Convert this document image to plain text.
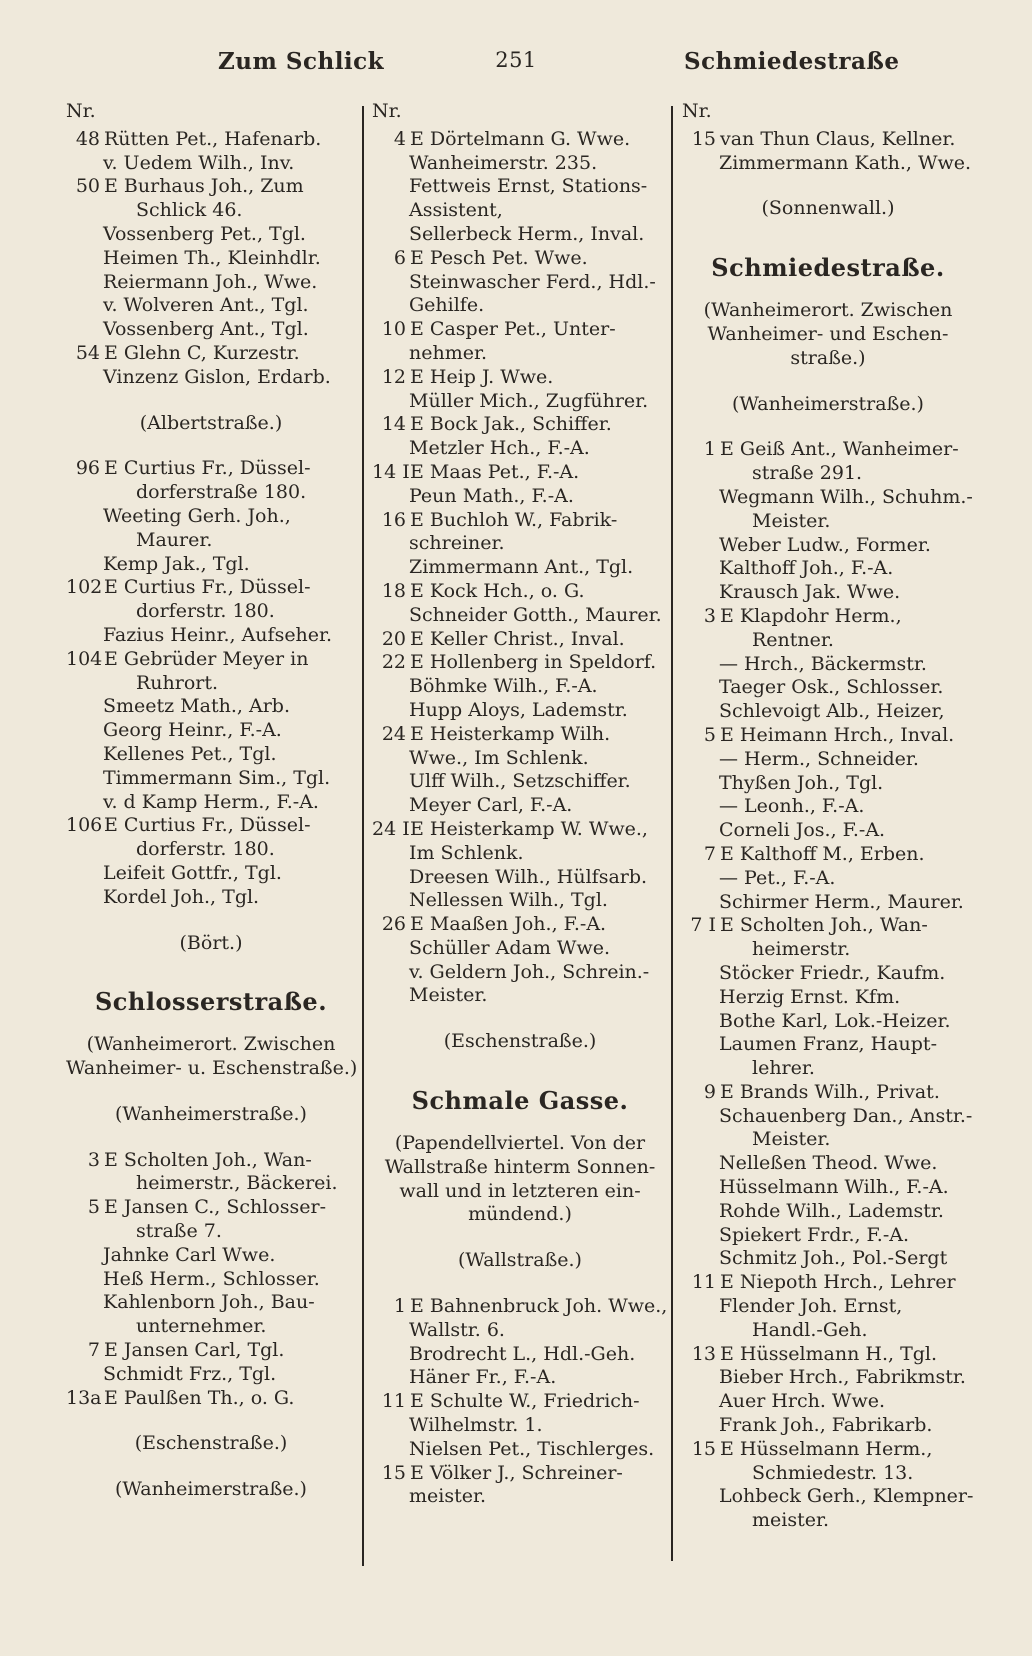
Zum Schlick	251	Schmiedestraße
Nr.
48 Rütten Pet., Hafenarb.
v. Uedem Wilh., Inv.
50 E Burhaus Joh., Zum
Schlick 46.
Vossenberg Pet., Tgl.
Heimen Th., Kleinhdlr.
Reiermann Joh., Wwe.
v. Wolveren Ant., Tgl.
Vossenberg Ant., Tgl.
54 E Glehn C, Kurzestr.
Vinzenz Gislon, Erdarb.
(Albertstraße.)
96 E Curtius Fr., Düssel-
dorferstraße 180.
Weeting Gerh. Joh.,
Maurer.
Kemp Jak., Tgl.
102E Curtius Fr., Düssel-
dorferstr. 180.
Fazius Heinr., Aufseher.
104E Gebrüder Meyer in
Ruhrort.
Smeetz Math., Arb.
Georg Heinr., F.-A.
Kellenes Pet., Tgl.
Timmermann Sim., Tgl.
v. d Kamp Herm., F.-A.
106E Curtius Fr., Düssel-
dorferstr. 180.
Leifeit Gottfr., Tgl.
Kordel Joh., Tgl.
(Bört.)
Schlosserstraße.
(Wanheimerort. Zwischen
Wanheimer- u. Eschenstraße.)
(Wanheimerstraße.)
3 E Scholten Joh., Wan-
heimerstr., Bäckerei.
5 E Jansen C., Schlosser-
straße 7.
Jahnke Carl Wwe.
Heß Herm., Schlosser.
Kahlenborn Joh., Bau-
unternehmer.
7 E Jansen Carl, Tgl.
Schmidt Frz., Tgl.
13a E Paulßen Th., o. G.
(Eschenstraße.)
(Wanheimerstraße.)
Nr.
4 E Dörtelmann G. Wwe.
Wanheimerstr. 235.
Fettweis Ernst, Stations-
Assistent,
Sellerbeck Herm., Inval.
6 E Pesch Pet. Wwe.
Steinwascher Ferd., Hdl.-
Gehilfe.
10 E Casper Pet., Unter-
nehmer.
12 E Heip J. Wwe.
Müller Mich., Zugführer.
14 E Bock Jak., Schiffer.
Metzler Hch., F.-A.
14 IE Maas Pet., F.-A.
Peun Math., F.-A.
16 E Buchloh W., Fabrik-
schreiner.
Zimmermann Ant., Tgl.
18 E Kock Hch., o. G.
Schneider Gotth., Maurer.
20 E Keller Christ., Inval.
22 E Hollenberg in Speldorf.
Böhmke Wilh., F.-A.
Hupp Aloys, Lademstr.
24 E Heisterkamp Wilh.
Wwe., Im Schlenk.
Ulff Wilh., Setzschiffer.
Meyer Carl, F.-A.
24 IE Heisterkamp W. Wwe.,
Im Schlenk.
Dreesen Wilh., Hülfsarb.
Nellessen Wilh., Tgl.
26 E Maaßen Joh., F.-A.
Schüller Adam Wwe.
v. Geldern Joh., Schrein.-
Meister.
(Eschenstraße.)
Schmale Gasse.
(Papendellviertel. Von der
Wallstraße hinterm Sonnen-
wall und in letzteren ein-
mündend.)
(Wallstraße.)
1 E Bahnenbruck Joh. Wwe.,
Wallstr. 6.
Brodrecht L., Hdl.-Geh.
Häner Fr., F.-A.
11 E Schulte W., Friedrich-
Wilhelmstr. 1.
Nielsen Pet., Tischlerges.
15 E Völker J., Schreiner-
meister.
Nr.
15 van Thun Claus, Kellner.
Zimmermann Kath., Wwe.
(Sonnenwall.)
Schmiedestraße.
(Wanheimerort. Zwischen
Wanheimer- und Eschen-
straße.)
(Wanheimerstraße.)
1 E Geiß Ant., Wanheimer-
straße 291.
Wegmann Wilh., Schuhm.-
Meister.
Weber Ludw., Former.
Kalthoff Joh., F.-A.
Krausch Jak. Wwe.
3 E Klapdohr Herm.,
Rentner.
— Hrch., Bäckermstr.
Taeger Osk., Schlosser.
Schlevoigt Alb., Heizer,
5 E Heimann Hrch., Inval.
— Herm., Schneider.
Thyßen Joh., Tgl.
— Leonh., F.-A.
Corneli Jos., F.-A.
7 E Kalthoff M., Erben.
— Pet., F.-A.
Schirmer Herm., Maurer.
7 I E Scholten Joh., Wan-
heimerstr.
Stöcker Friedr., Kaufm.
Herzig Ernst. Kfm.
Bothe Karl, Lok.-Heizer.
Laumen Franz, Haupt-
lehrer.
9 E Brands Wilh., Privat.
Schauenberg Dan., Anstr.-
Meister.
Nelleßen Theod. Wwe.
Hüsselmann Wilh., F.-A.
Rohde Wilh., Lademstr.
Spiekert Frdr., F.-A.
Schmitz Joh., Pol.-Sergt
11 E Niepoth Hrch., Lehrer
Flender Joh. Ernst,
Handl.-Geh.
13 E Hüsselmann H., Tgl.
Bieber Hrch., Fabrikmstr.
Auer Hrch. Wwe.
Frank Joh., Fabrikarb.
15 E Hüsselmann Herm.,
Schmiedestr. 13.
Lohbeck Gerh., Klempner-
meister.
